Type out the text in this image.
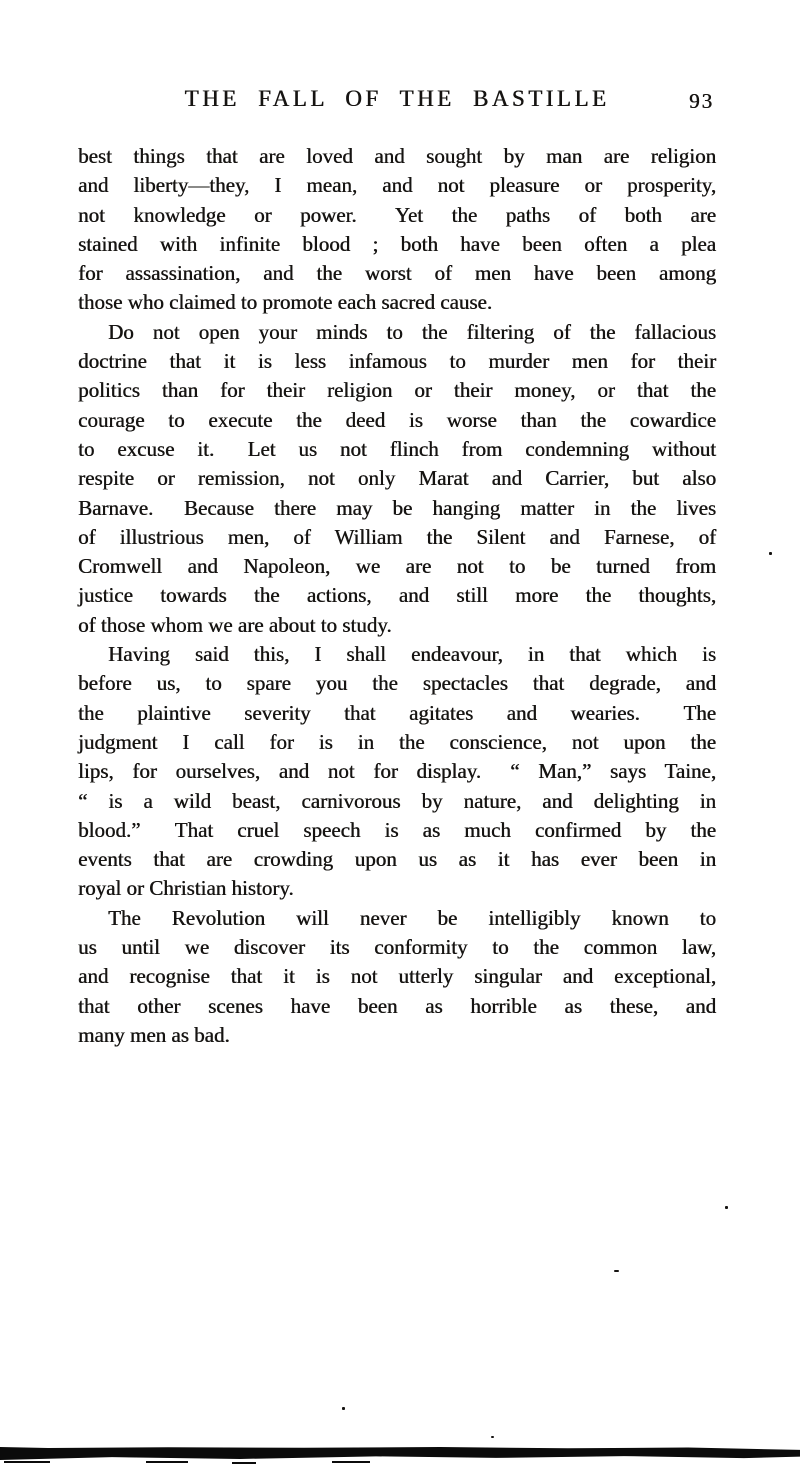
THE FALL OF THE BASTILLE	93
best things that are loved and sought by man are religion
and liberty—they, I mean, and not pleasure or prosperity,
not knowledge or power.  Yet the paths of both are
stained with infinite blood ; both have been often a plea
for assassination, and the worst of men have been among
those who claimed to promote each sacred cause.
Do not open your minds to the filtering of the fallacious
doctrine that it is less infamous to murder men for their
politics than for their religion or their money, or that the
courage to execute the deed is worse than the cowardice
to excuse it.  Let us not flinch from condemning without
respite or remission, not only Marat and Carrier, but also
Barnave.  Because there may be hanging matter in the lives
of illustrious men, of William the Silent and Farnese, of
Cromwell and Napoleon, we are not to be turned from
justice towards the actions, and still more the thoughts,
of those whom we are about to study.
Having said this, I shall endeavour, in that which is
before us, to spare you the spectacles that degrade, and
the plaintive severity that agitates and wearies.  The
judgment I call for is in the conscience, not upon the
lips, for ourselves, and not for display.  “ Man,” says Taine,
“ is a wild beast, carnivorous by nature, and delighting in
blood.”  That cruel speech is as much confirmed by the
events that are crowding upon us as it has ever been in
royal or Christian history.
The Revolution will never be intelligibly known to
us until we discover its conformity to the common law,
and recognise that it is not utterly singular and exceptional,
that other scenes have been as horrible as these, and
many men as bad.
